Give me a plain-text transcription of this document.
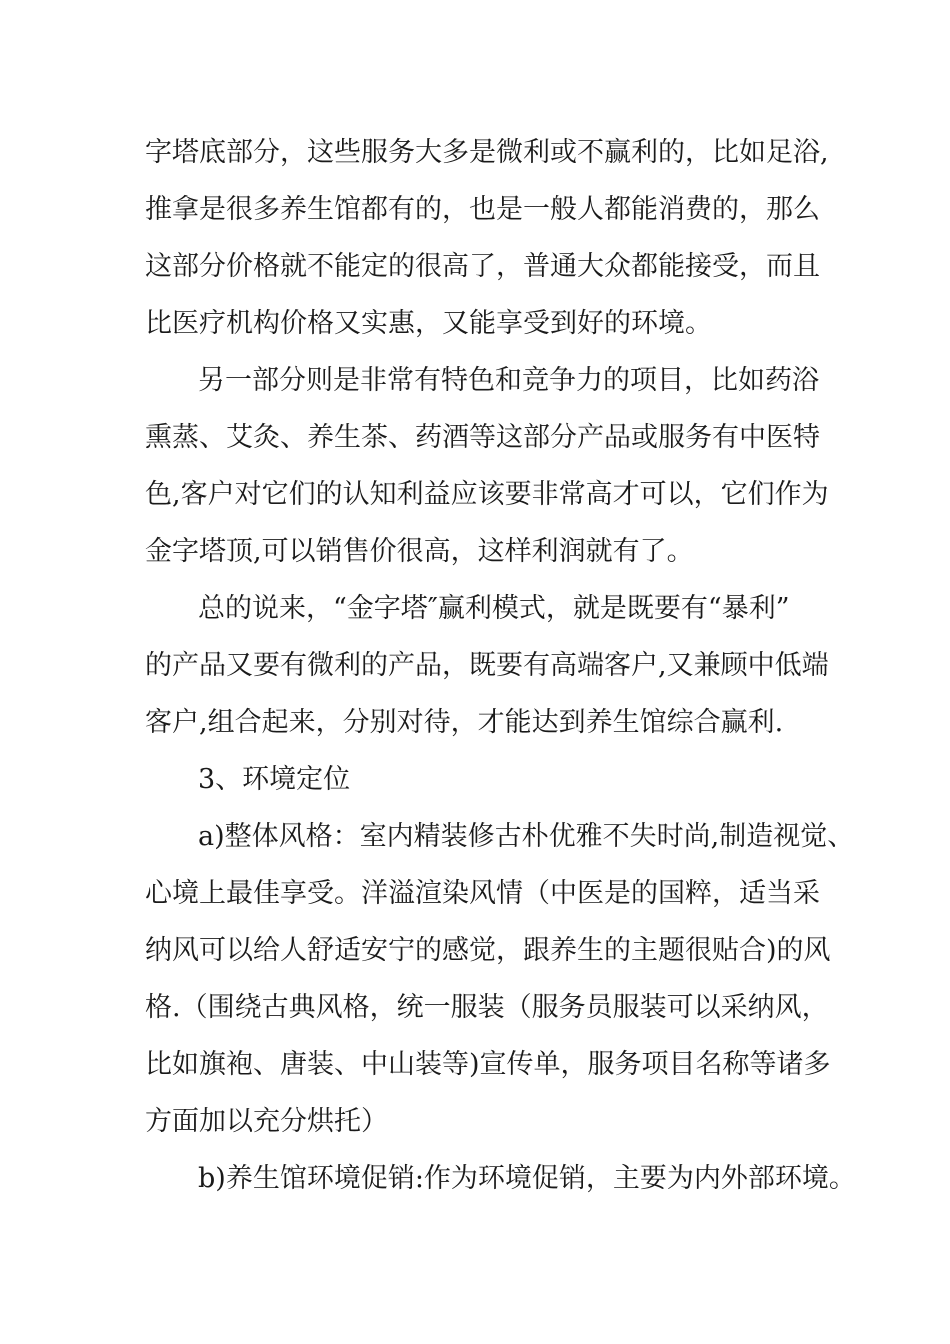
字塔底部分，这些服务大多是微利或不赢利的，比如足浴,
推拿是很多养生馆都有的，也是一般人都能消费的，那么
这部分价格就不能定的很高了，普通大众都能接受，而且
比医疗机构价格又实惠，又能享受到好的环境。
另一部分则是非常有特色和竞争力的项目，比如药浴
熏蒸、艾灸、养生茶、药酒等这部分产品或服务有中医特
色,客户对它们的认知利益应该要非常高才可以，它们作为
金字塔顶,可以销售价很高，这样利润就有了。
总的说来，“金字塔″赢利模式，就是既要有“暴利”
的产品又要有微利的产品，既要有高端客户,又兼顾中低端
客户,组合起来，分别对待，才能达到养生馆综合赢利.
3、环境定位
a)整体风格：室内精装修古朴优雅不失时尚,制造视觉、
心境上最佳享受。洋溢渲染风情（中医是的国粹，适当采
纳风可以给人舒适安宁的感觉，跟养生的主题很贴合)的风
格.（围绕古典风格，统一服装（服务员服装可以采纳风，
比如旗袍、唐装、中山装等)宣传单，服务项目名称等诸多
方面加以充分烘托）
b)养生馆环境促销:作为环境促销，主要为内外部环境。
